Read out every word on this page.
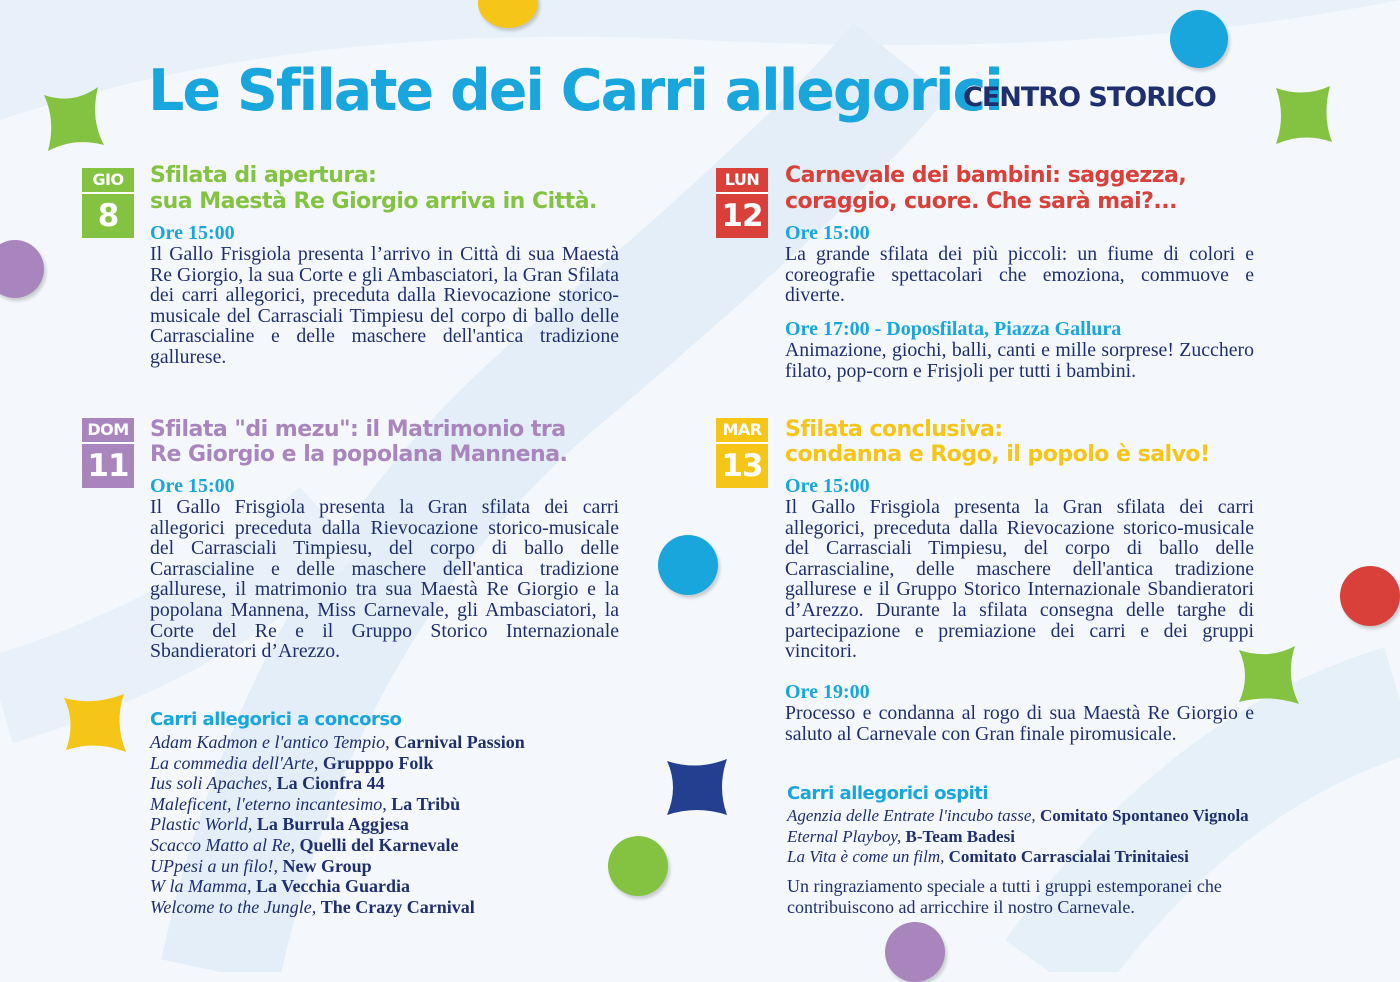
Le Sfilate dei Carri allegorici
CENTRO STORICO
GIO
8
Sfilata di apertura:
sua Maestà Re Giorgio arriva in Città.
Ore 15:00

Il Gallo Frisgiola presenta l’arrivo in Città di sua Maestà Re Giorgio, la sua Corte e gli Ambasciatori, la Gran Sfilata dei carri allegorici, preceduta dalla Rievocazione storico-musicale del Carrasciali Timpiesu del corpo di ballo delle Carrascialine e delle maschere dell'antica tradizione gallurese.

DOM
11
Sfilata "di mezu": il Matrimonio tra
Re Giorgio e la popolana Mannena.
Ore 15:00

Il Gallo Frisgiola presenta la Gran sfilata dei carri allegorici preceduta dalla Rievocazione storico-musicale del Carrasciali Timpiesu, del corpo di ballo delle Carrascialine e delle maschere dell'antica tradizione gallurese, il matrimonio tra sua Maestà Re Giorgio e la popolana Mannena, Miss Carnevale, gli Ambasciatori, la Corte del Re e il Gruppo Storico Internazionale Sbandieratori d’Arezzo.

Carri allegorici a concorso
Adam Kadmon e l'antico Tempio, Carnival Passion
La commedia dell'Arte, Grupppo Folk
Ius soli Apaches, La Cionfra 44
Maleficent, l'eterno incantesimo, La Tribù
Plastic World, La Burrula Aggjesa
Scacco Matto al Re, Quelli del Karnevale
UPpesi a un filo!, New Group
W la Mamma, La Vecchia Guardia
Welcome to the Jungle, The Crazy Carnival
LUN
12
Carnevale dei bambini: saggezza,
coraggio, cuore. Che sarà mai?...
Ore 15:00

La grande sfilata dei più piccoli: un fiume di colori e coreografie spettacolari che emoziona, commuove e diverte.

Ore 17:00 - Doposfilata, Piazza Gallura

Animazione, giochi, balli, canti e mille sorprese! Zucchero filato, pop-corn e Frisjoli per tutti i bambini.

MAR
13
Sfilata conclusiva:
condanna e Rogo, il popolo è salvo!
Ore 15:00

Il Gallo Frisgiola presenta la Gran sfilata dei carri allegorici, preceduta dalla Rievocazione storico-musicale del Carrasciali Timpiesu, del corpo di ballo delle Carrascialine, delle maschere dell'antica tradizione gallurese e il Gruppo Storico Internazionale Sbandieratori d’Arezzo. Durante la sfilata consegna delle targhe di partecipazione e premiazione dei carri e dei gruppi vincitori.

Ore 19:00

Processo e condanna al rogo di sua Maestà Re Giorgio e saluto al Carnevale con Gran finale piromusicale.

Carri allegorici ospiti
Agenzia delle Entrate l'incubo tasse, Comitato Spontaneo Vignola
Eternal Playboy, B-Team Badesi
La Vita è come un film, Comitato Carrascialai Trinitaiesi

Un ringraziamento speciale a tutti i gruppi estemporanei che contribuiscono ad arricchire il nostro Carnevale.
